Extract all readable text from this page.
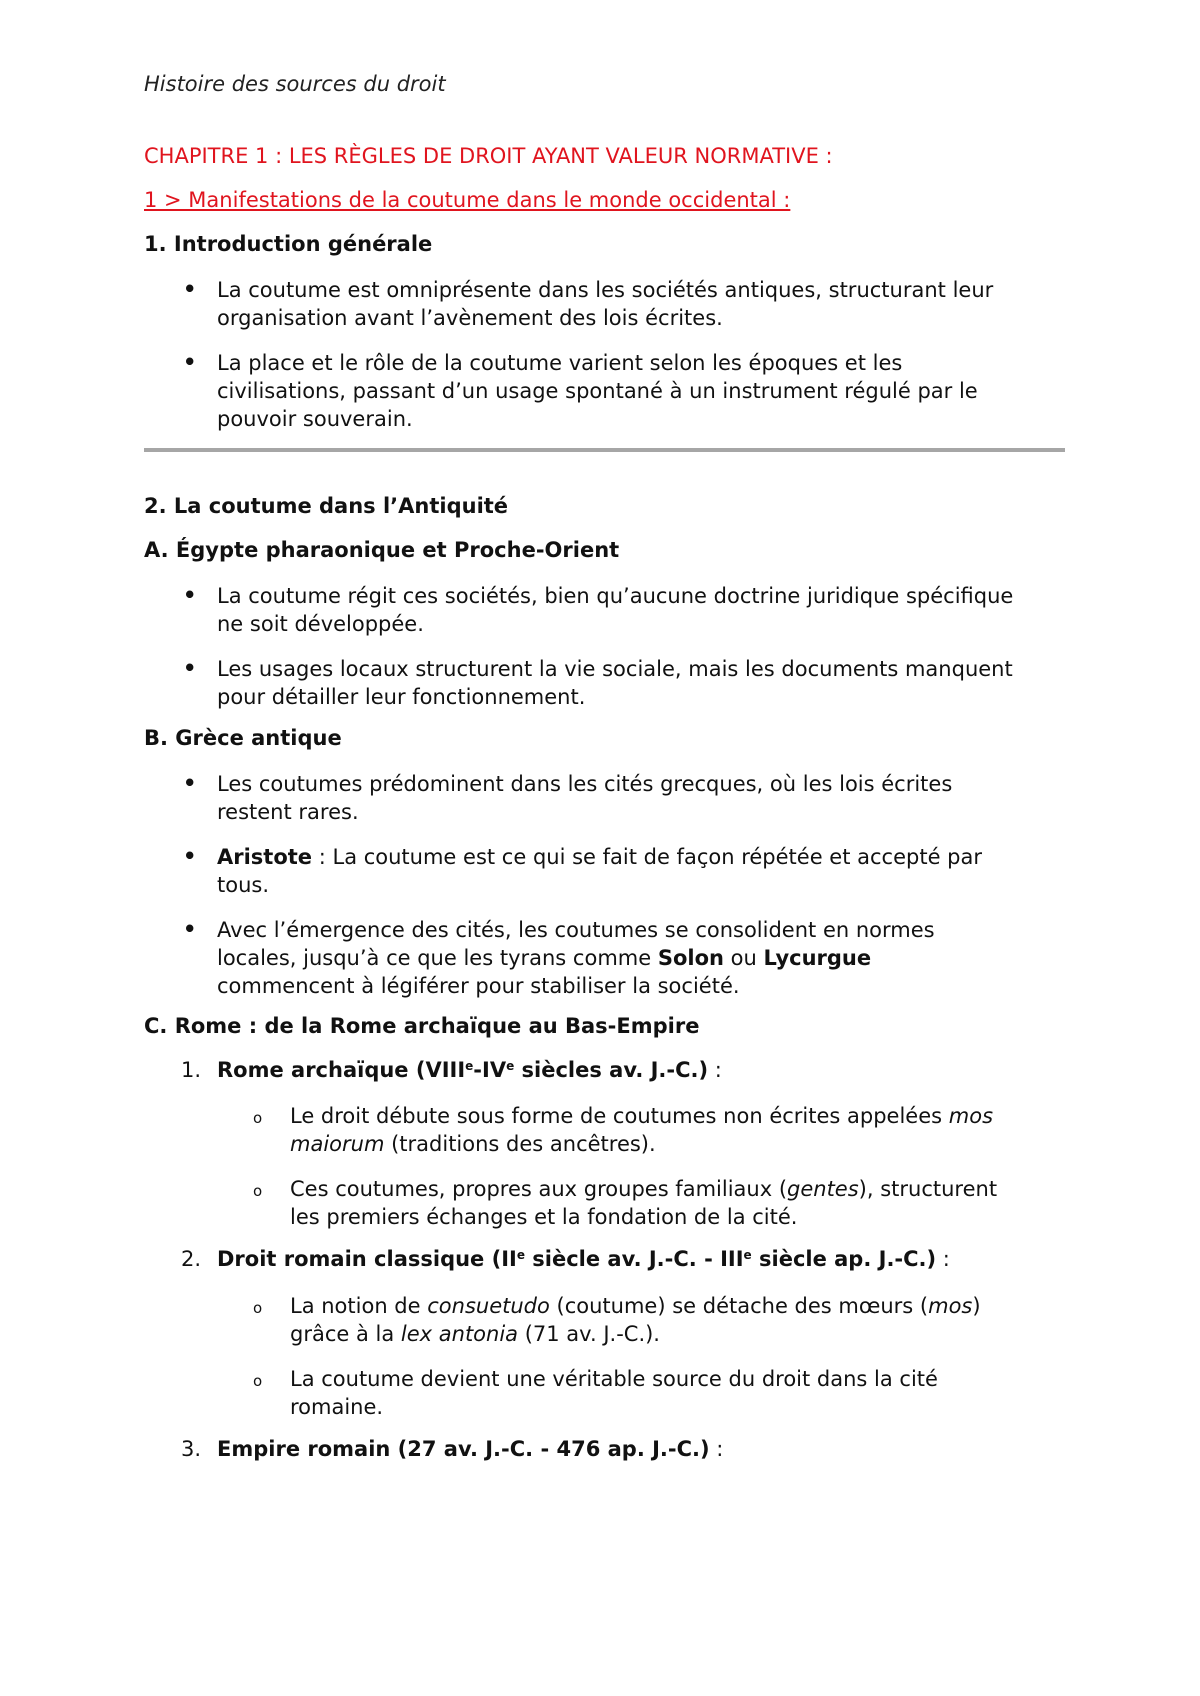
Histoire des sources du droit
CHAPITRE 1 : LES RÈGLES DE DROIT AYANT VALEUR NORMATIVE :
1 > Manifestations de la coutume dans le monde occidental :
1. Introduction générale
• La coutume est omniprésente dans les sociétés antiques, structurant leur
organisation avant l’avènement des lois écrites.
• La place et le rôle de la coutume varient selon les époques et les
civilisations, passant d’un usage spontané à un instrument régulé par le
pouvoir souverain.
2. La coutume dans l’Antiquité
A. Égypte pharaonique et Proche-Orient
• La coutume régit ces sociétés, bien qu’aucune doctrine juridique spécifique
ne soit développée.
• Les usages locaux structurent la vie sociale, mais les documents manquent
pour détailler leur fonctionnement.
B. Grèce antique
• Les coutumes prédominent dans les cités grecques, où les lois écrites
restent rares.
• Aristote : La coutume est ce qui se fait de façon répétée et accepté par
tous.
• Avec l’émergence des cités, les coutumes se consolident en normes
locales, jusqu’à ce que les tyrans comme Solon ou Lycurgue
commencent à légiférer pour stabiliser la société.
C. Rome : de la Rome archaïque au Bas-Empire
1. Rome archaïque (VIIIe-IVe siècles av. J.-C.) :
o Le droit débute sous forme de coutumes non écrites appelées mos
maiorum (traditions des ancêtres).
o Ces coutumes, propres aux groupes familiaux (gentes), structurent
les premiers échanges et la fondation de la cité.
2. Droit romain classique (IIe siècle av. J.-C. - IIIe siècle ap. J.-C.) :
o La notion de consuetudo (coutume) se détache des mœurs (mos)
grâce à la lex antonia (71 av. J.-C.).
o La coutume devient une véritable source du droit dans la cité
romaine.
3. Empire romain (27 av. J.-C. - 476 ap. J.-C.) :
